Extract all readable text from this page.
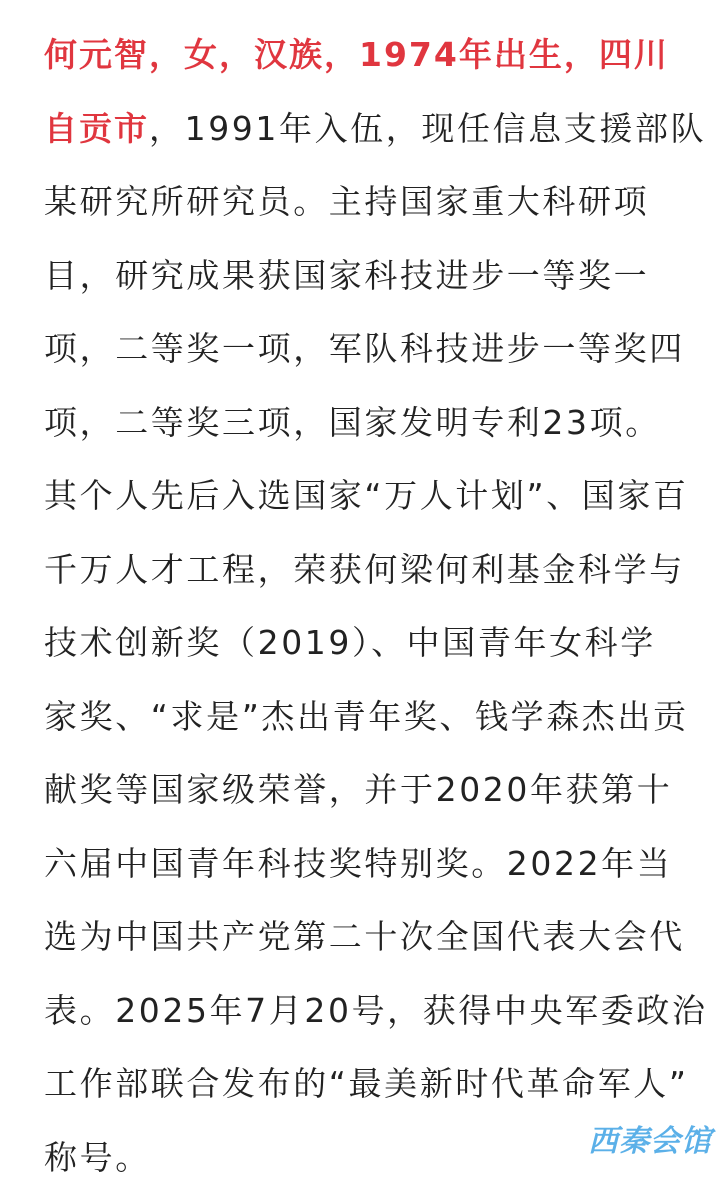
何元智，女，汉族，1974年出生，四川
自贡市，1991年入伍，现任信息支援部队
某研究所研究员。主持国家重大科研项
目，研究成果获国家科技进步一等奖一
项，二等奖一项，军队科技进步一等奖四
项，二等奖三项，国家发明专利23项。
其个人先后入选国家“万人计划”、国家百
千万人才工程，荣获何梁何利基金科学与
技术创新奖（2019）、中国青年女科学
家奖、“求是”杰出青年奖、钱学森杰出贡
献奖等国家级荣誉，并于2020年获第十
六届中国青年科技奖特别奖。2022年当
选为中国共产党第二十次全国代表大会代
表。2025年7月20号，获得中央军委政治
工作部联合发布的“最美新时代革命军人”
称号。	西秦会馆
